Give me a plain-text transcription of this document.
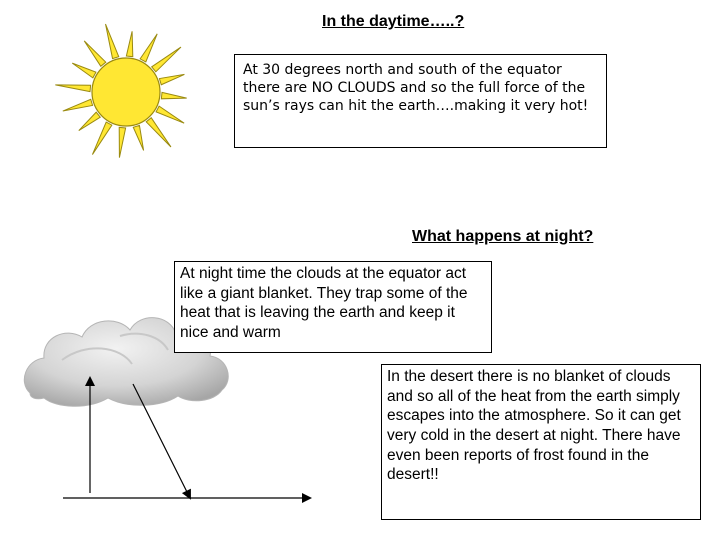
In the daytime…..?
What happens at night?
At 30 degrees north and south of the equator there are NO CLOUDS and so the full force of the sun’s rays can hit the earth….making it very hot!
At night time the clouds at the equator act like a giant blanket. They trap some of the heat that is leaving the earth and keep it nice and warm
In the desert there is no blanket of clouds and so all of the heat from the earth simply escapes into the atmosphere. So it can get very cold in the desert at night. There have even been reports of frost found in the desert!!
